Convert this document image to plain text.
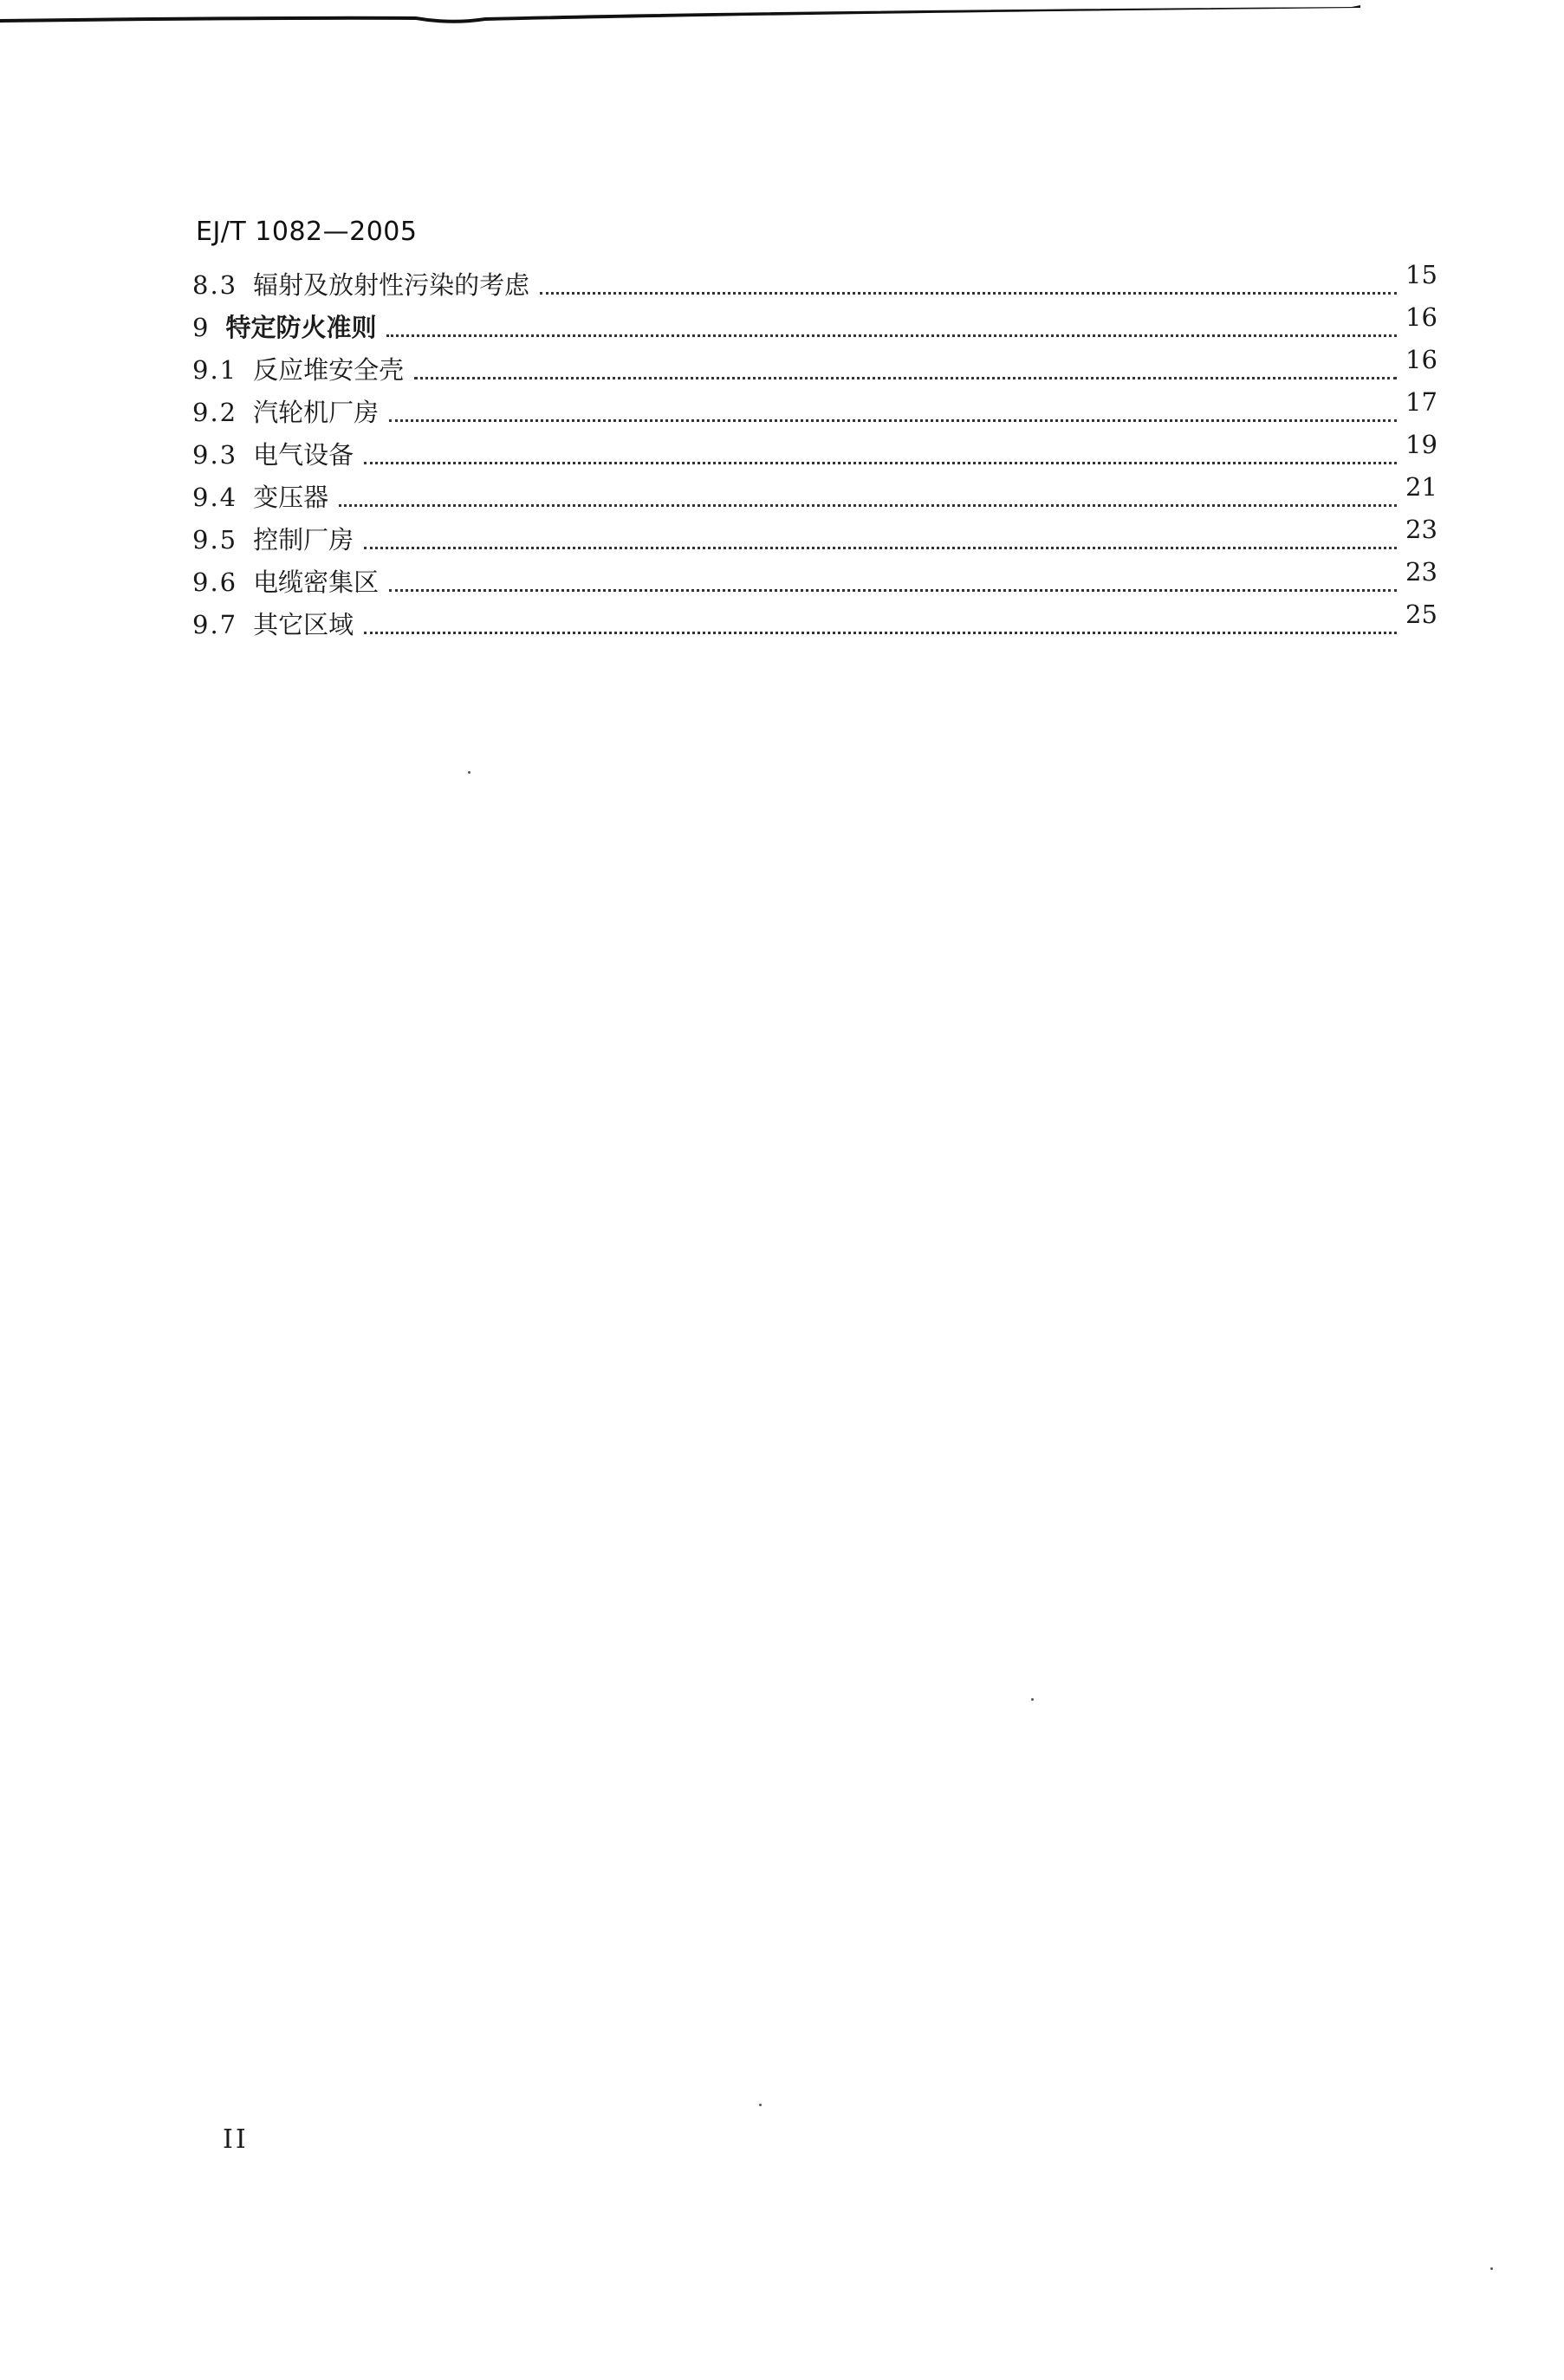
EJ/T 1082—2005
8.3 辐射及放射性污染的考虑	15
9 特定防火准则	16
9.1 反应堆安全壳	16
9.2 汽轮机厂房	17
9.3 电气设备	19
9.4 变压器	21
9.5 控制厂房	23
9.6 电缆密集区	23
9.7 其它区域	25
II
